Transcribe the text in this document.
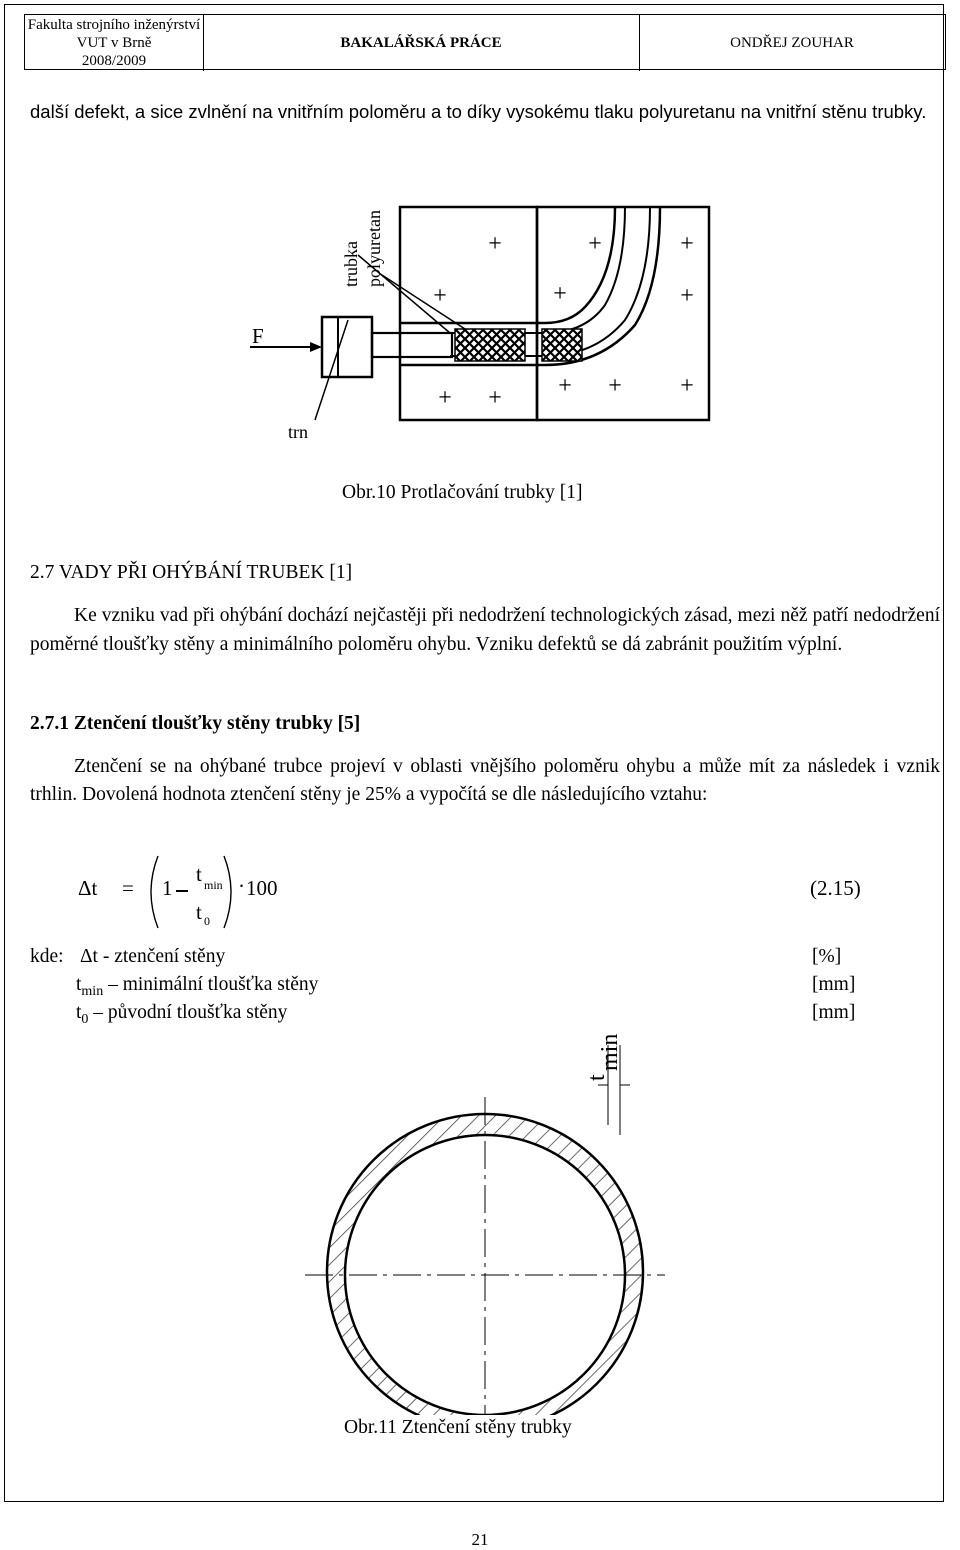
Fakulta strojního inženýrství
VUT v Brně
2008/2009
BAKALÁŘSKÁ PRÁCE	ONDŘEJ ZOUHAR
další defekt, a sice zvlnění na vnitřním poloměru a to díky vysokému tlaku polyuretanu na vnitřní stěnu trubky.
F
trn
trubka polyuretan	+	+	+
+	+	+
+ + + + +
Obr.10 Protlačování trubky [1]
2.7 VADY PŘI OHÝBÁNÍ TRUBEK [1]
Ke vzniku vad při ohýbání dochází nejčastěji při nedodržení technologických zásad, mezi něž patří nedodržení poměrné tloušťky stěny a minimálního poloměru ohybu. Vzniku defektů se dá zabránit použitím výplní.
2.7.1 Ztenčení tloušťky stěny trubky [5]
Ztenčení se na ohýbané trubce projeví v oblasti vnějšího poloměru ohybu a může mít za následek i vznik trhlin. Dovolená hodnota ztenčení stěny je 25% a vypočítá se dle následujícího vztahu:
Δt = 1
t min
t 0
· 100	(2.15)
kde: Δt - ztenčení stěny	[%]
$t_{min}$ – minimální tloušťka stěny	[mm]
$t_0$ – původní tloušťka stěny	[mm]
t
min
Obr.11 Ztenčení stěny trubky
21
